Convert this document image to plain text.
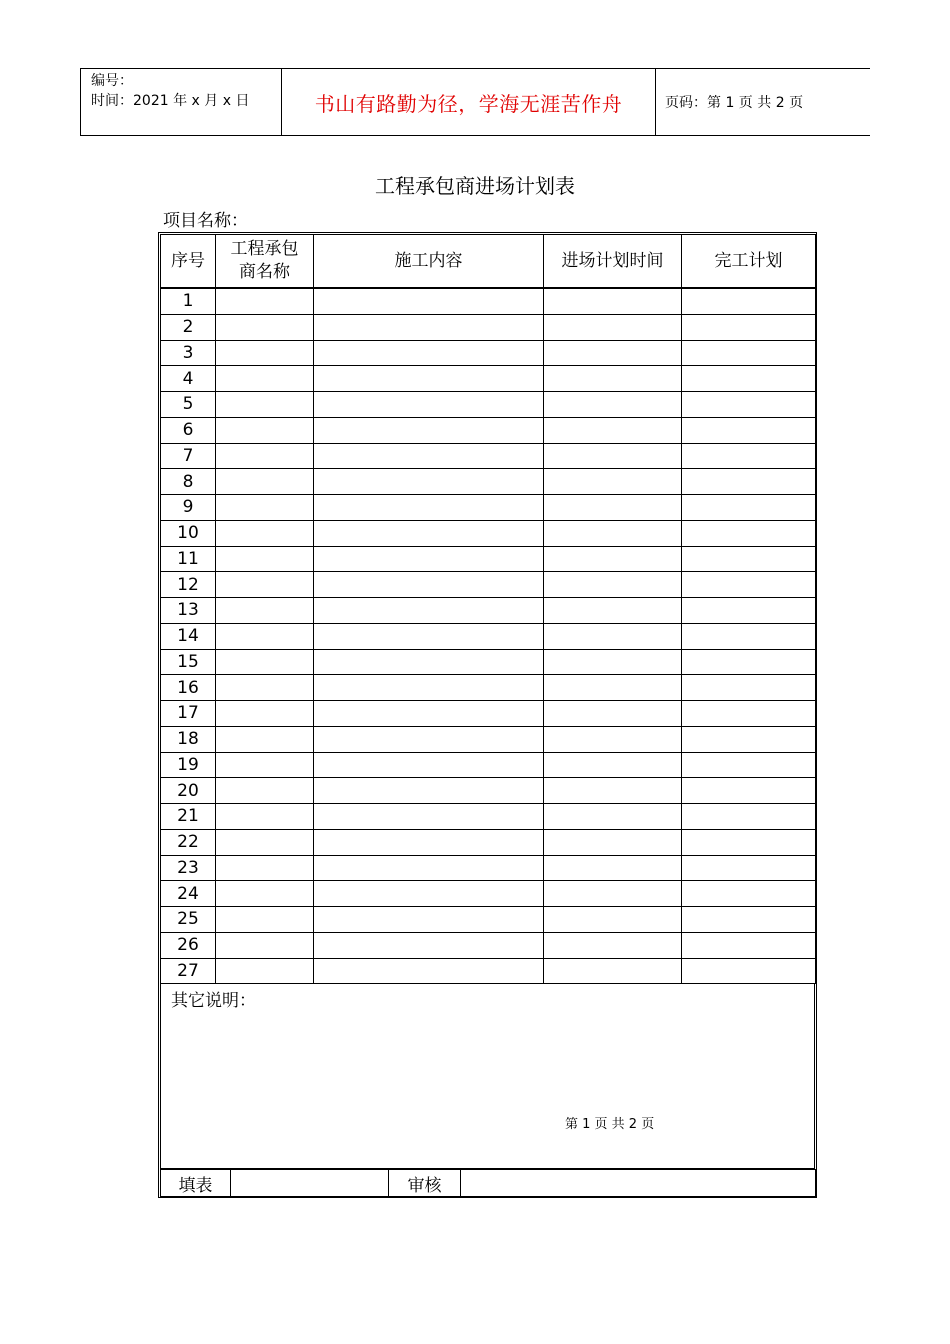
编号：
时间：2021 年 x 月 x 日	书山有路勤为径，学海无涯苦作舟	页码：第 1 页 共 2 页
工程承包商进场计划表
项目名称：
序号	工程承包商名称	施工内容	进场计划时间	完工计划
1				
2				
3				
4				
5				
6				
7				
8				
9				
10				
11				
12				
13				
14				
15				
16				
17				
18				
19				
20				
21				
22				
23				
24				
25				
26				
27				
其它说明：
第 1 页 共 2 页
填表		审核	
